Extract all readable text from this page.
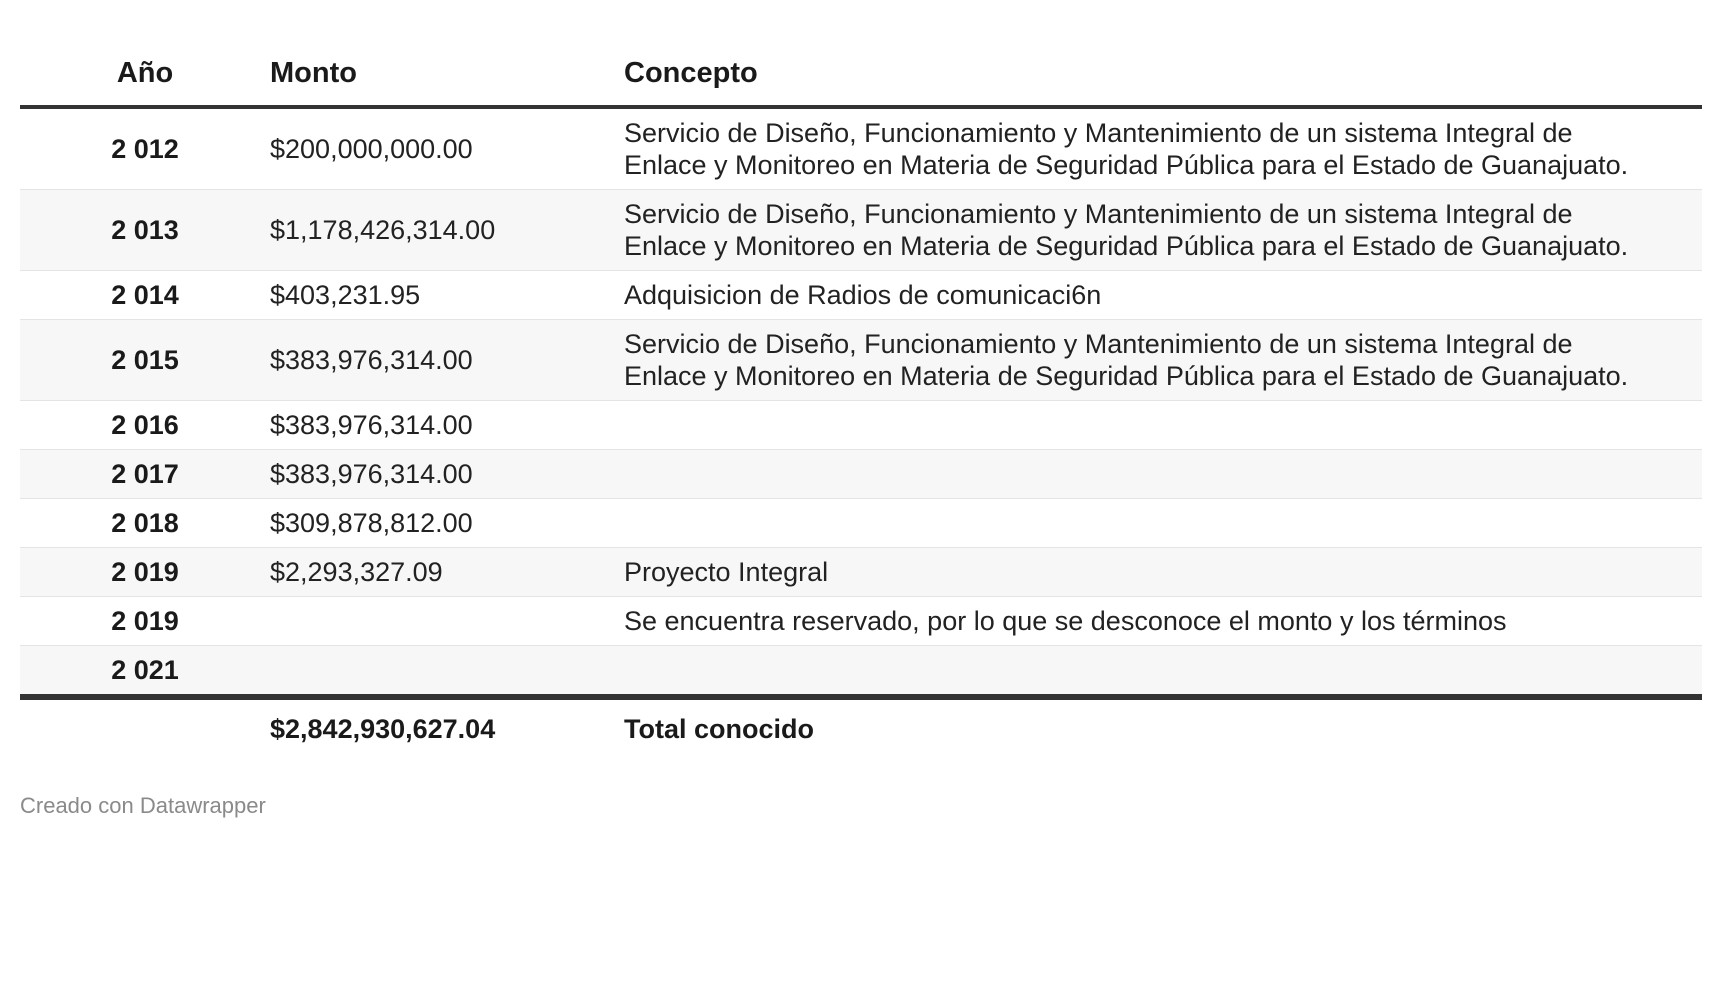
Año	Monto	Concepto
2 012	$200,000,000.00	Servicio de Diseño, Funcionamiento y Mantenimiento de un sistema Integral de Enlace y Monitoreo en Materia de Seguridad Pública para el Estado de Guanajuato.
2 013	$1,178,426,314.00	Servicio de Diseño, Funcionamiento y Mantenimiento de un sistema Integral de Enlace y Monitoreo en Materia de Seguridad Pública para el Estado de Guanajuato.
2 014	$403,231.95	Adquisicion de Radios de comunicaci6n
2 015	$383,976,314.00	Servicio de Diseño, Funcionamiento y Mantenimiento de un sistema Integral de Enlace y Monitoreo en Materia de Seguridad Pública para el Estado de Guanajuato.
2 016	$383,976,314.00	
2 017	$383,976,314.00	
2 018	$309,878,812.00	
2 019	$2,293,327.09	Proyecto Integral
2 019		Se encuentra reservado, por lo que se desconoce el monto y los términos
2 021		
	$2,842,930,627.04	Total conocido
Creado con Datawrapper
